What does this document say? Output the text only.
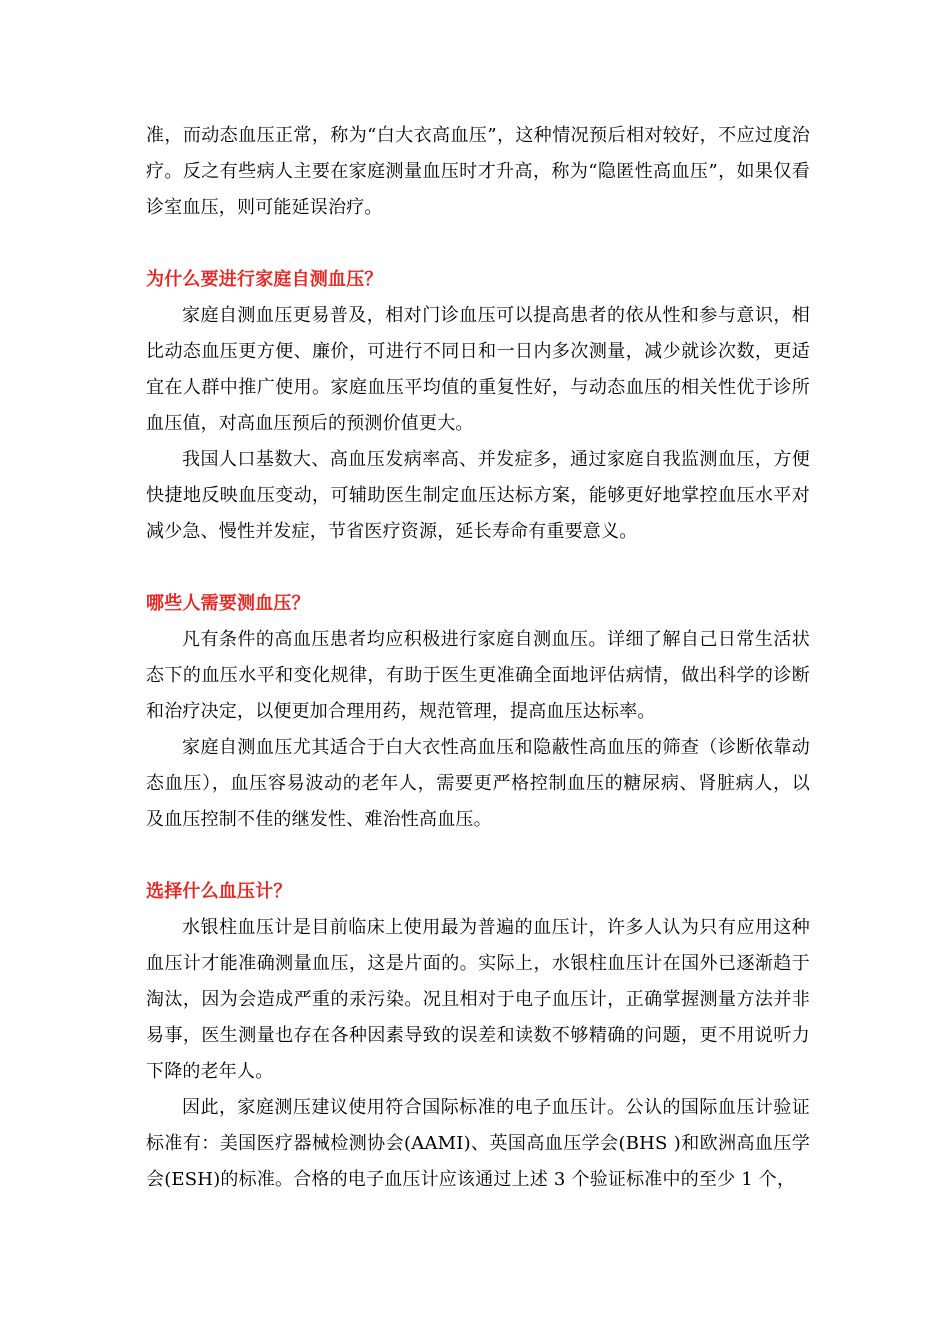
准，而动态血压正常，称为“白大衣高血压”，这种情况预后相对较好，不应过度治疗。反之有些病人主要在家庭测量血压时才升高，称为“隐匿性高血压”，如果仅看诊室血压，则可能延误治疗。

为什么要进行家庭自测血压？

家庭自测血压更易普及，相对门诊血压可以提高患者的依从性和参与意识，相比动态血压更方便、廉价，可进行不同日和一日内多次测量，减少就诊次数，更适宜在人群中推广使用。家庭血压平均值的重复性好，与动态血压的相关性优于诊所血压值，对高血压预后的预测价值更大。

我国人口基数大、高血压发病率高、并发症多，通过家庭自我监测血压，方便快捷地反映血压变动，可辅助医生制定血压达标方案，能够更好地掌控血压水平对减少急、慢性并发症，节省医疗资源，延长寿命有重要意义。

哪些人需要测血压？

凡有条件的高血压患者均应积极进行家庭自测血压。详细了解自己日常生活状态下的血压水平和变化规律，有助于医生更准确全面地评估病情，做出科学的诊断和治疗决定，以便更加合理用药，规范管理，提高血压达标率。

家庭自测血压尤其适合于白大衣性高血压和隐蔽性高血压的筛查（诊断依靠动态血压），血压容易波动的老年人，需要更严格控制血压的糖尿病、肾脏病人，以及血压控制不佳的继发性、难治性高血压。

选择什么血压计？

水银柱血压计是目前临床上使用最为普遍的血压计，许多人认为只有应用这种血压计才能准确测量血压，这是片面的。实际上，水银柱血压计在国外已逐渐趋于淘汰，因为会造成严重的汞污染。况且相对于电子血压计，正确掌握测量方法并非易事，医生测量也存在各种因素导致的误差和读数不够精确的问题，更不用说听力下降的老年人。

因此，家庭测压建议使用符合国际标准的电子血压计。公认的国际血压计验证标准有：美国医疗器械检测协会(AAMI)、英国高血压学会(BHS )和欧洲高血压学会(ESH)的标准。合格的电子血压计应该通过上述 3 个验证标准中的至少 1 个，
